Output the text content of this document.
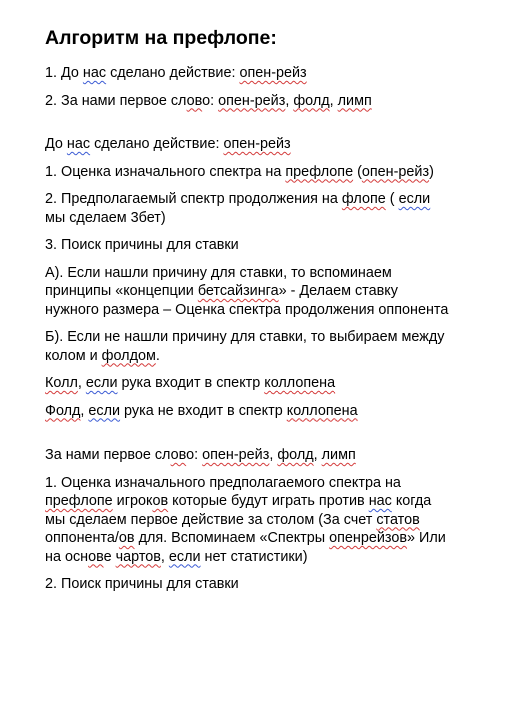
Алгоритм на префлопе:
1. До нас сделано действие: опен-рейз
2. За нами первое слово: опен-рейз, фолд, лимп
До нас сделано действие: опен-рейз
1. Оценка изначального спектра на префлопе (опен-рейз)
2. Предполагаемый спектр продолжения на флопе ( если
мы сделаем 3бет)
3. Поиск причины для ставки
А). Если нашли причину для ставки, то вспоминаем
принципы «концепции бетсайзинга» - Делаем ставку
нужного размера – Оценка спектра продолжения оппонента
Б). Если не нашли причину для ставки, то выбираем между
колом и фолдом.
Колл, если рука входит в спектр коллопена
Фолд, если рука не входит в спектр коллопена
За нами первое слово: опен-рейз, фолд, лимп
1. Оценка изначального предполагаемого спектра на
префлопе игроков которые будут играть против нас когда
мы сделаем первое действие за столом (За счет статов
оппонента/ов для. Вспоминаем «Спектры опенрейзов» Или
на основе чартов, если нет статистики)
2. Поиск причины для ставки
